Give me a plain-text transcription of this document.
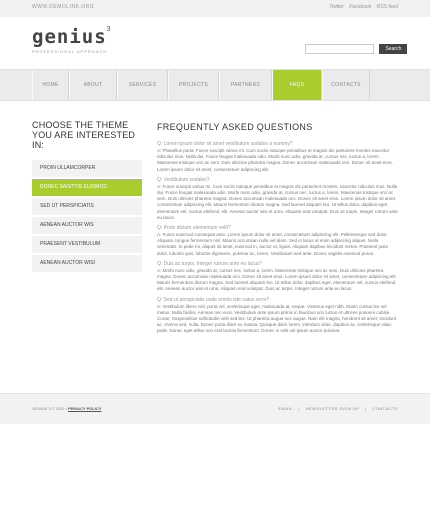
WWW.DEMOLINK.ORG	Twitter Facebook RSS feed
genius$^3$
PROFESSIONAL APPROACH	Search
HOME	ABOUT	SERVICES	PROJECTS	PARTNERS	FAQS	CONTACTS
CHOOSE THE THEME YOU ARE INTERESTED IN:
PROIN ULLAMCORPER
DONEC SAGITTIS EUISMOD
SED UT PERSPICIATIS
AENEAN AUCTOR WIS
PRAESENT VESTIBULUM
AENEAN AUCTOR WISI
FREQUENTLY ASKED QUESTIONS
Q: Lorem ipsum dolor sit amet vestibulum sodales a nummy?
A: Phasellus porta. Fusce suscipit varius mi. Cum sociis natoque penatibus et magnis dis parturient montes nascetur ridiculus mus. Nulla dui. Fusce feugiat malesuada odio. Morbi nunc odio, gravida at, cursus nec, luctus a, lorem. Maecenas tristique orci ac sem. Duis ultricies pharetra magna. Donec accumsan malesuada orci. Donec sit amet eros. Lorem ipsum dolor sit amet, consectetuer adipiscing elit.
Q: Vestibulum sodales?
A: Fusce suscipit varius mi. Cum sociis natoque penatibus et magnis dis parturient montes, nascetur ridiculus mus. Nulla dui. Fusce feugiat malesuada odio. Morbi nunc odio, gravida at, cursus nec, luctus a, lorem. Maecenas tristique orci ac sem. Duis ultricies pharetra magna. Donec accumsan malesuada orci. Donec sit amet eros. Lorem ipsum dolor sit amet, consectetuer adipiscing elit. Mauris fermentum dictum magna. Sed laoreet aliquam leo. Ut tellus dolor, dapibus eget, elementum vel, cursus eleifend, elit. Aenean auctor wisi et urna. Aliquam erat volutpat. Duis ac turpis. Integer rutrum ante eu lacus.
Q: Proin dictum elementum velit?
A: Fusce euismod consequat ante. Lorem ipsum dolor sit amet, consectetuer adipiscing elit. Pellentesque sed dolor. Aliquam congue fermentum nisl. Mauris accumsan nulla vel diam. Sed in lacus ut enim adipiscing aliquet. Nulla venenatis. In pede mi, aliquet sit amet, euismod in, auctor ut, ligula. Aliquam dapibus tincidunt metus. Praesent justo dolor, lobortis quis, lobortis dignissim, pulvinar ac, lorem. Vestibulum sed ante. Donec sagittis euismod purus.
Q: Duis ac turpis. Integer rutrum ante eu lacus?
A: Morbi nunc odio, gravida at, cursus nec, luctus a, lorem. Maecenas tristique orci ac sem. Duis ultricies pharetra magna. Donec accumsan malesuada orci. Donec sit amet eros. Lorem ipsum dolor sit amet, consectetuer adipiscing elit. Mauris fermentum dictum magna. Sed laoreet aliquam leo. Ut tellus dolor, dapibus eget, elementum vel, cursus eleifend, elit. Aenean auctor wisi et urna. Aliquam erat volutpat. Duis ac turpis. Integer rutrum ante eu lacus.
Q: Sed ut perspiciatis unde omnis iste natus error?
A: Vestibulum libero nisl, porta vel, scelerisque eget, malesuada at, neque. Vivamus eget nibh. Etiam cursus leo vel metus. Nulla facilisi. Aenean nec eros. Vestibulum ante ipsum primis in faucibus orci luctus et ultrices posuere cubilia Curae; Suspendisse sollicitudin velit sed leo. Ut pharetra augue nec augue. Nam elit magna, hendrerit sit amet, tincidunt ac, viverra sed, nulla. Donec porta diam eu massa. Quisque diam lorem, interdum vitae, dapibus ac, scelerisque vitae, pede. Donec eget tellus non erat lacinia fermentum. Donec in velit vel ipsum auctor pulvinar.
GENIUS 3 © 2011 • PRIVACY POLICY	EMAIL | NEWSLETTER SIGN UP | CONTACTS
